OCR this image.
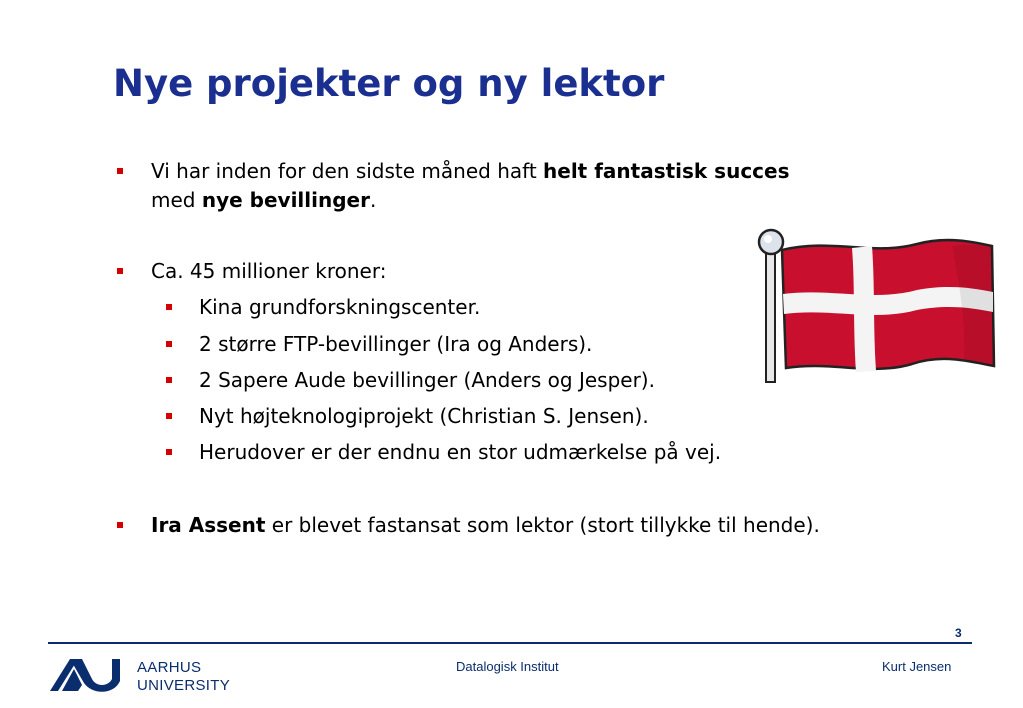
Nye projekter og ny lektor
Vi har inden for den sidste måned haft helt fantastisk succes
med nye bevillinger.
Ca. 45 millioner kroner:
Kina grundforskningscenter.
2 større FTP-bevillinger (Ira og Anders).
2 Sapere Aude bevillinger (Anders og Jesper).
Nyt højteknologiprojekt (Christian S. Jensen).
Herudover er der endnu en stor udmærkelse på vej.
Ira Assent er blevet fastansat som lektor (stort tillykke til hende).
3
AARHUS
UNIVERSITY
Datalogisk Institut	Kurt Jensen
